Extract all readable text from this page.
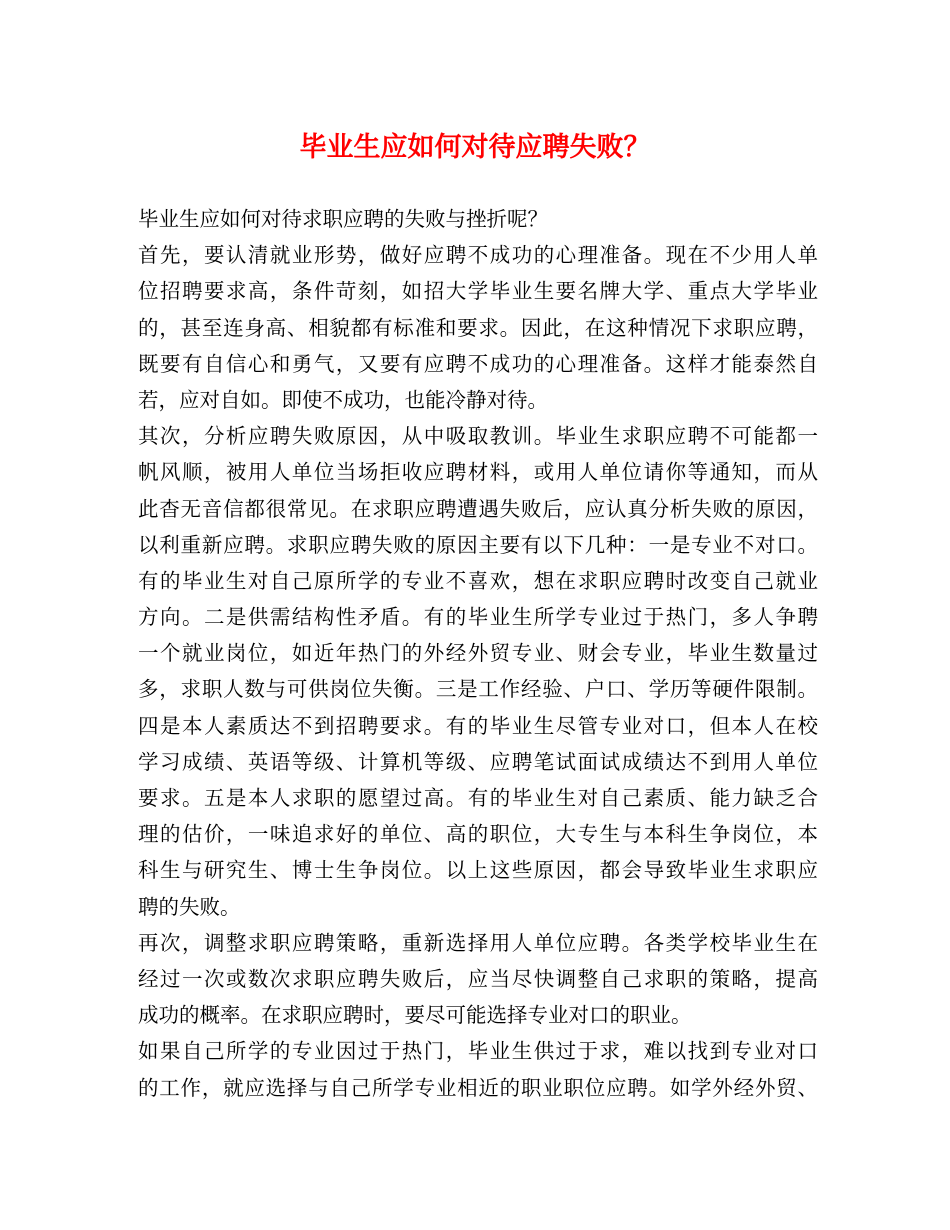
毕业生应如何对待应聘失败？
毕业生应如何对待求职应聘的失败与挫折呢？
首先，要认清就业形势，做好应聘不成功的心理准备。现在不少用人单
位招聘要求高，条件苛刻，如招大学毕业生要名牌大学、重点大学毕业
的，甚至连身高、相貌都有标准和要求。因此，在这种情况下求职应聘，
既要有自信心和勇气，又要有应聘不成功的心理准备。这样才能泰然自
若，应对自如。即使不成功，也能冷静对待。
其次，分析应聘失败原因，从中吸取教训。毕业生求职应聘不可能都一
帆风顺，被用人单位当场拒收应聘材料，或用人单位请你等通知，而从
此杳无音信都很常见。在求职应聘遭遇失败后，应认真分析失败的原因，
以利重新应聘。求职应聘失败的原因主要有以下几种：一是专业不对口。
有的毕业生对自己原所学的专业不喜欢，想在求职应聘时改变自己就业
方向。二是供需结构性矛盾。有的毕业生所学专业过于热门，多人争聘
一个就业岗位，如近年热门的外经外贸专业、财会专业，毕业生数量过
多，求职人数与可供岗位失衡。三是工作经验、户口、学历等硬件限制。
四是本人素质达不到招聘要求。有的毕业生尽管专业对口，但本人在校
学习成绩、英语等级、计算机等级、应聘笔试面试成绩达不到用人单位
要求。五是本人求职的愿望过高。有的毕业生对自己素质、能力缺乏合
理的估价，一味追求好的单位、高的职位，大专生与本科生争岗位，本
科生与研究生、博士生争岗位。以上这些原因，都会导致毕业生求职应
聘的失败。
再次，调整求职应聘策略，重新选择用人单位应聘。各类学校毕业生在
经过一次或数次求职应聘失败后，应当尽快调整自己求职的策略，提高
成功的概率。在求职应聘时，要尽可能选择专业对口的职业。
如果自己所学的专业因过于热门，毕业生供过于求，难以找到专业对口
的工作，就应选择与自己所学专业相近的职业职位应聘。如学外经外贸、
